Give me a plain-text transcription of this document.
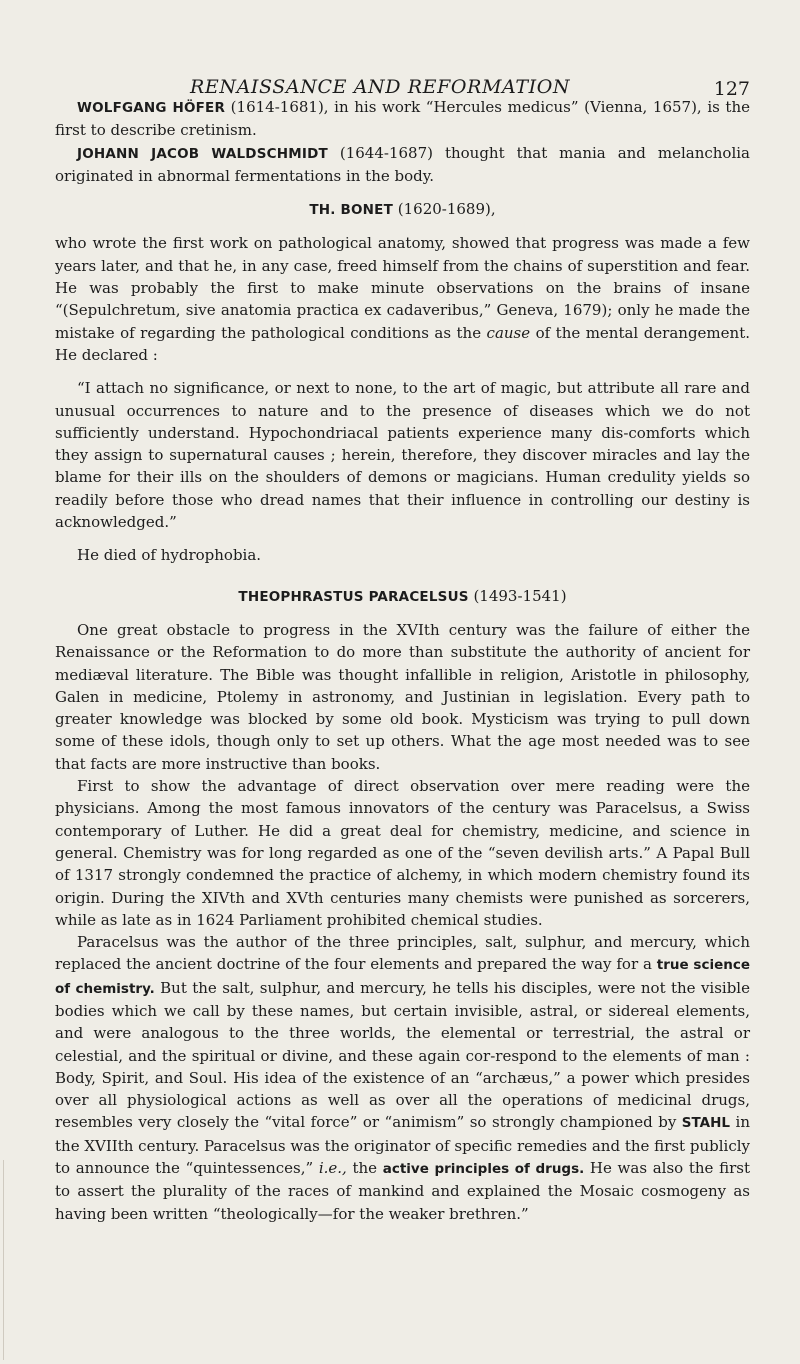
RENAISSANCE AND REFORMATION	127

WOLFGANG HÖFER (1614-1681), in his work “Hercules medicus” (Vienna, 1657), is the first to describe cretinism.

JOHANN JACOB WALDSCHMIDT (1644-1687) thought that mania and melancholia originated in abnormal fermentations in the body.

TH. BONET (1620-1689),

who wrote the first work on pathological anatomy, showed that progress was made a few years later, and that he, in any case, freed himself from the chains of superstition and fear. He was probably the first to make minute observations on the brains of insane “(Sepulchretum, sive anatomia practica ex cadaveribus,” Geneva, 1679); only he made the mistake of regarding the pathological conditions as the cause of the mental derangement. He declared :

“I attach no significance, or next to none, to the art of magic, but attribute all rare and unusual occurrences to nature and to the presence of diseases which we do not sufficiently understand. Hypochondriacal patients experience many dis-comforts which they assign to supernatural causes ; herein, therefore, they discover miracles and lay the blame for their ills on the shoulders of demons or magicians. Human credulity yields so readily before those who dread names that their influence in controlling our destiny is acknowledged.”

He died of hydrophobia.

THEOPHRASTUS PARACELSUS (1493-1541)

One great obstacle to progress in the XVIth century was the failure of either the Renaissance or the Reformation to do more than substitute the authority of ancient for mediæval literature. The Bible was thought infallible in religion, Aristotle in philosophy, Galen in medicine, Ptolemy in astronomy, and Justinian in legislation. Every path to greater knowledge was blocked by some old book. Mysticism was trying to pull down some of these idols, though only to set up others. What the age most needed was to see that facts are more instructive than books.

First to show the advantage of direct observation over mere reading were the physicians. Among the most famous innovators of the century was Paracelsus, a Swiss contemporary of Luther. He did a great deal for chemistry, medicine, and science in general. Chemistry was for long regarded as one of the “seven devilish arts.” A Papal Bull of 1317 strongly condemned the practice of alchemy, in which modern chemistry found its origin. During the XIVth and XVth centuries many chemists were punished as sorcerers, while as late as in 1624 Parliament prohibited chemical studies.

Paracelsus was the author of the three principles, salt, sulphur, and mercury, which replaced the ancient doctrine of the four elements and prepared the way for a true science of chemistry. But the salt, sulphur, and mercury, he tells his disciples, were not the visible bodies which we call by these names, but certain invisible, astral, or sidereal elements, and were analogous to the three worlds, the elemental or terrestrial, the astral or celestial, and the spiritual or divine, and these again cor-respond to the elements of man : Body, Spirit, and Soul. His idea of the existence of an “archæus,” a power which presides over all physiological actions as well as over all the operations of medicinal drugs, resembles very closely the “vital force” or “animism” so strongly championed by STAHL in the XVIIth century. Paracelsus was the originator of specific remedies and the first publicly to announce the “quintessences,” i.e., the active principles of drugs. He was also the first to assert the plurality of the races of mankind and explained the Mosaic cosmogeny as having been written “theologically—for the weaker brethren.”
